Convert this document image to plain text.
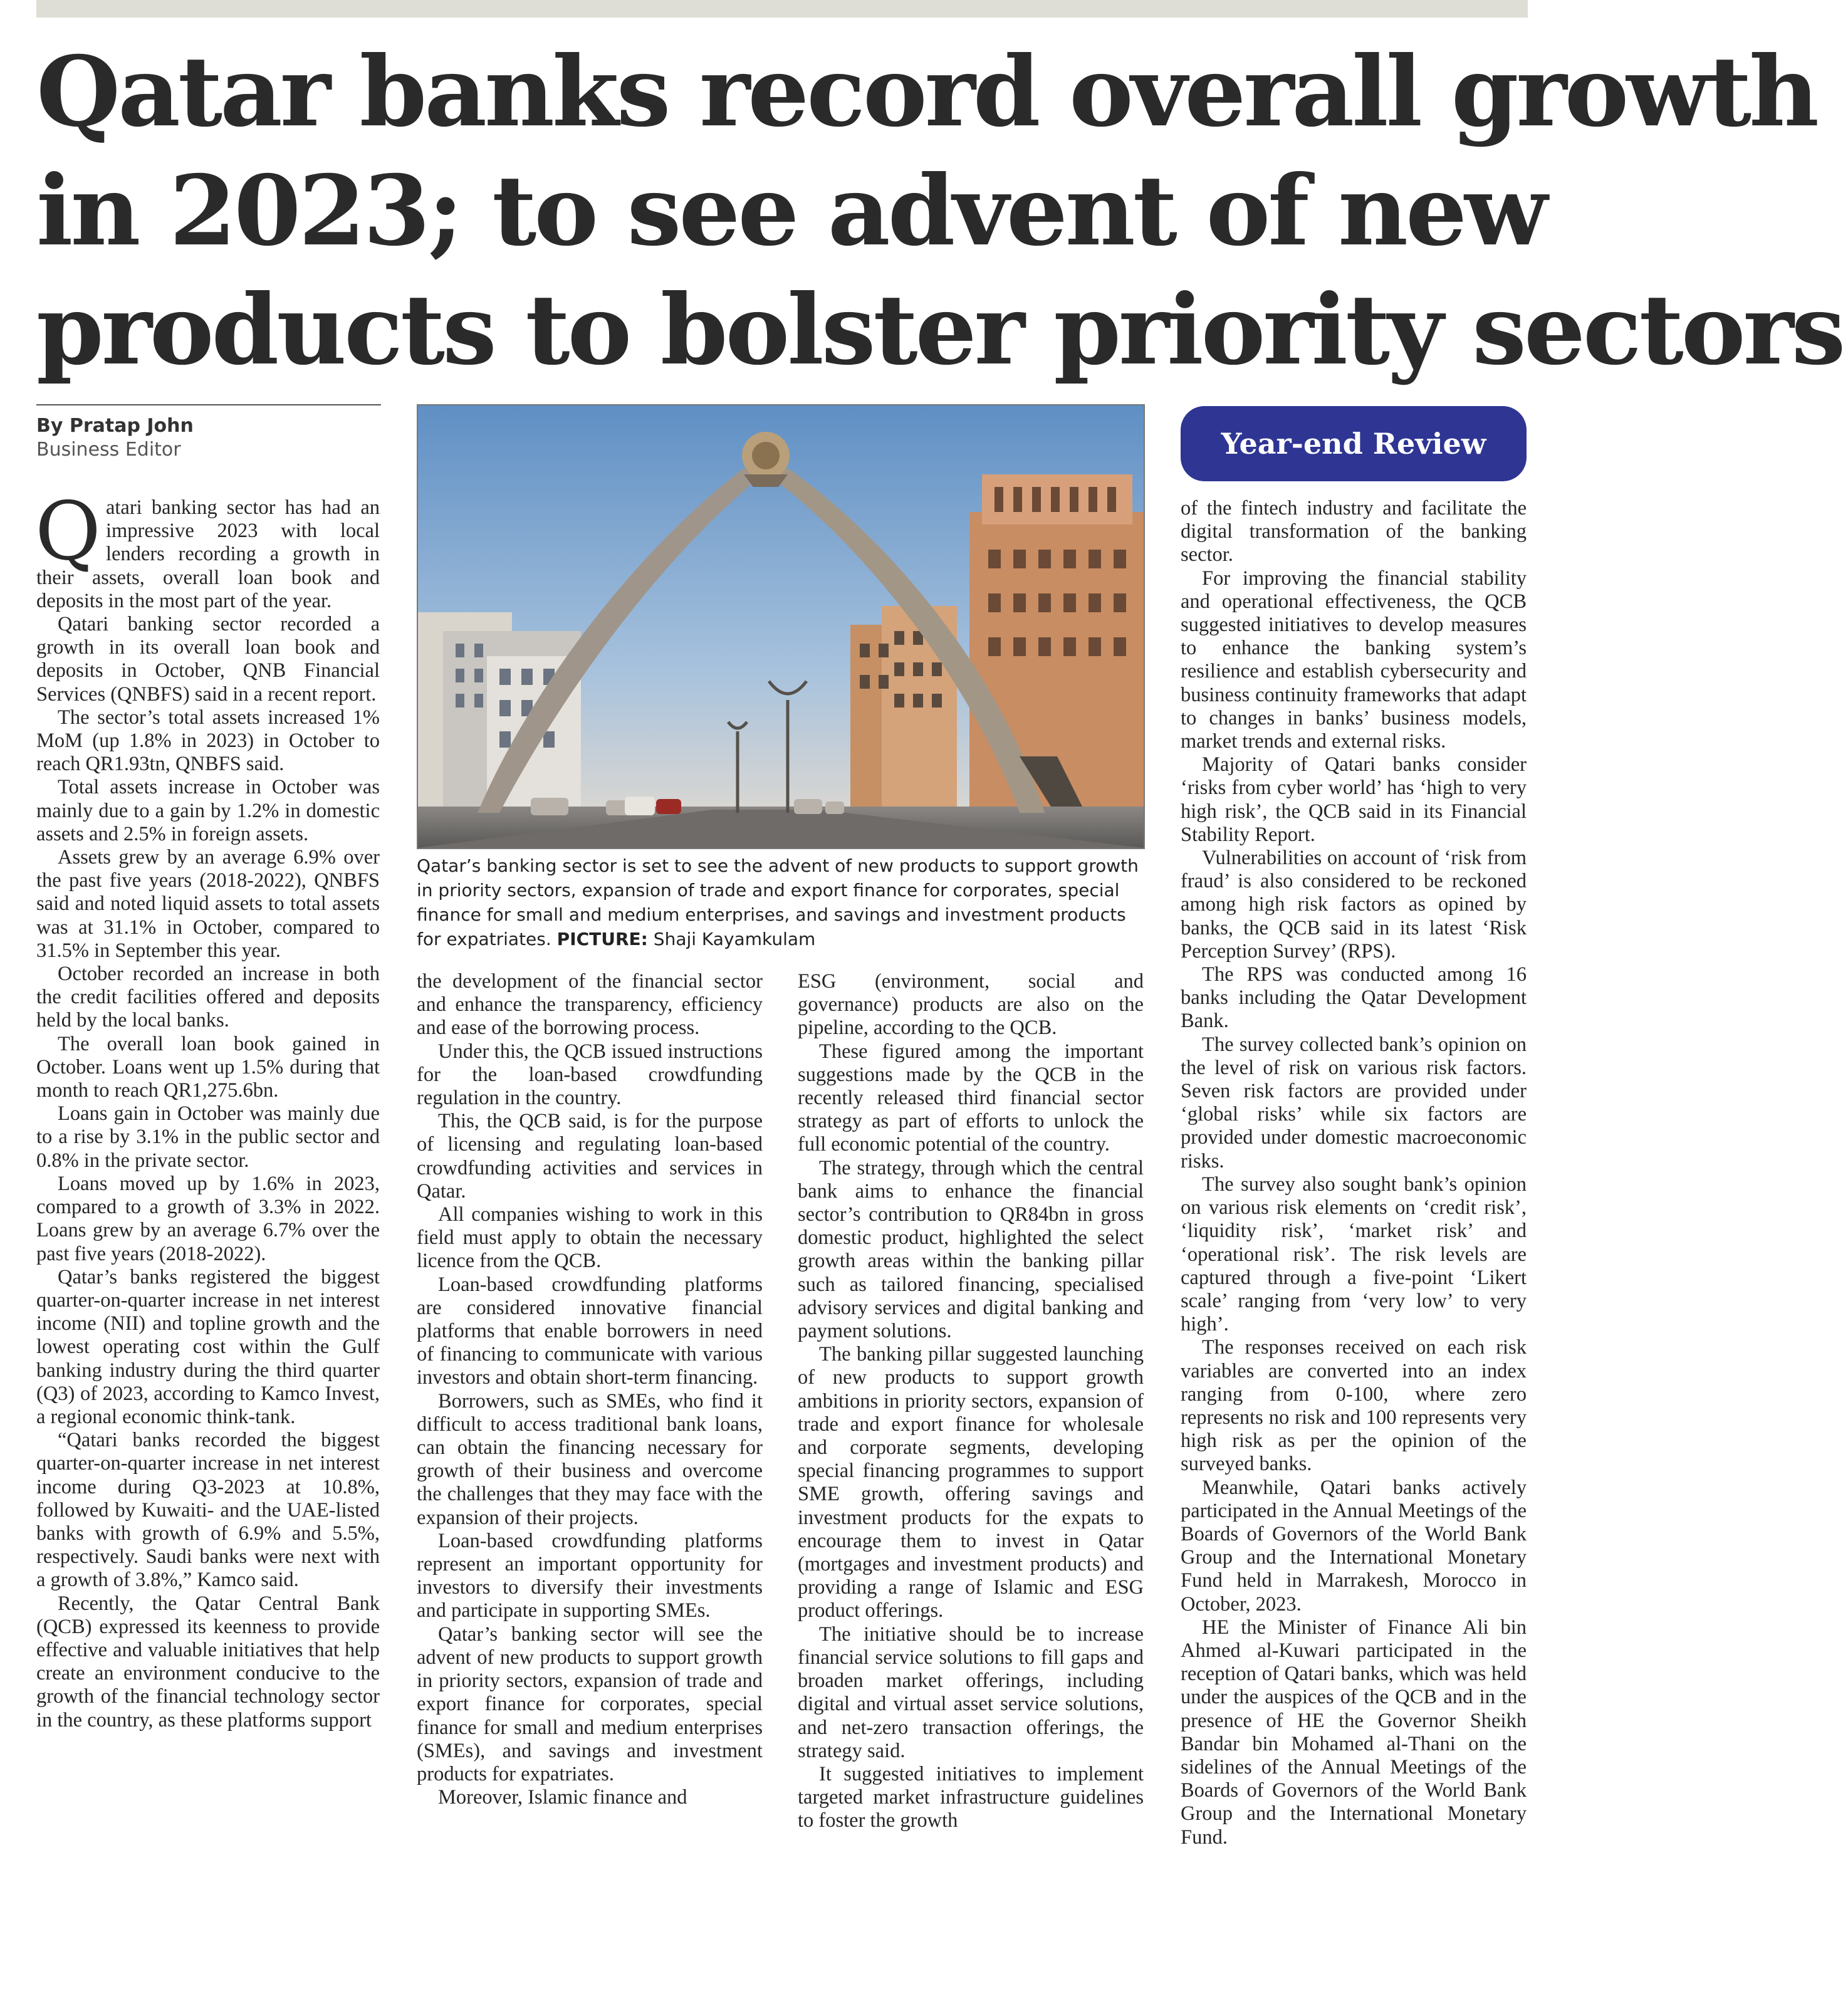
Qatar banks record overall growth
in 2023; to see advent of new
products to bolster priority sectors
By Pratap John
Business Editor

Qatar’s banking sector is set to see the advent of new products to support growth in priority sectors, expansion of trade and export finance for corporates, special finance for small and medium enterprises, and savings and investment products for expatriates. PICTURE: Shaji Kayamkulam

Year-end Review

Qatari banking sector has had an impressive 2023 with local lenders recording a growth in their assets, overall loan book and deposits in the most part of the year.

Qatari banking sector recorded a growth in its overall loan book and deposits in October, QNB Financial Services (QNBFS) said in a recent report.

The sector’s total assets increased 1% MoM (up 1.8% in 2023) in October to reach QR1.93tn, QNBFS said.

Total assets increase in October was mainly due to a gain by 1.2% in domestic assets and 2.5% in foreign assets.

Assets grew by an average 6.9% over the past five years (2018-2022), QNBFS said and noted liquid assets to total assets was at 31.1% in October, compared to 31.5% in September this year.

October recorded an increase in both the credit facilities offered and deposits held by the local banks.

The overall loan book gained in October. Loans went up 1.5% during that month to reach QR1,275.6bn.

Loans gain in October was mainly due to a rise by 3.1% in the public sector and 0.8% in the private sector.

Loans moved up by 1.6% in 2023, compared to a growth of 3.3% in 2022. Loans grew by an average 6.7% over the past five years (2018-2022).

Qatar’s banks registered the biggest quarter-on-quarter increase in net interest income (NII) and topline growth and the lowest operating cost within the Gulf banking industry during the third quarter (Q3) of 2023, according to Kamco Invest, a regional economic think-tank.

“Qatari banks recorded the biggest quarter-on-quarter increase in net interest income during Q3-2023 at 10.8%, followed by Kuwaiti- and the UAE-listed banks with growth of 6.9% and 5.5%, respectively. Saudi banks were next with a growth of 3.8%,” Kamco said.

Recently, the Qatar Central Bank (QCB) expressed its keenness to provide effective and valuable initiatives that help create an environment conducive to the growth of the financial technology sector in the country, as these platforms support

the development of the financial sector and enhance the transparency, efficiency and ease of the borrowing process.

Under this, the QCB issued instructions for the loan-based crowdfunding regulation in the country.

This, the QCB said, is for the purpose of licensing and regulating loan-based crowdfunding activities and services in Qatar.

All companies wishing to work in this field must apply to obtain the necessary licence from the QCB.

Loan-based crowdfunding platforms are considered innovative financial platforms that enable borrowers in need of financing to communicate with various investors and obtain short-term financing.

Borrowers, such as SMEs, who find it difficult to access traditional bank loans, can obtain the financing necessary for growth of their business and overcome the challenges that they may face with the expansion of their projects.

Loan-based crowdfunding platforms represent an important opportunity for investors to diversify their investments and participate in supporting SMEs.

Qatar’s banking sector will see the advent of new products to support growth in priority sectors, expansion of trade and export finance for corporates, special finance for small and medium enterprises (SMEs), and savings and investment products for expatriates.

Moreover, Islamic finance and

ESG (environment, social and governance) products are also on the pipeline, according to the QCB.

These figured among the important suggestions made by the QCB in the recently released third financial sector strategy as part of efforts to unlock the full economic potential of the country.

The strategy, through which the central bank aims to enhance the financial sector’s contribution to QR84bn in gross domestic product, highlighted the select growth areas within the banking pillar such as tailored financing, specialised advisory services and digital banking and payment solutions.

The banking pillar suggested launching of new products to support growth ambitions in priority sectors, expansion of trade and export finance for wholesale and corporate segments, developing special financing programmes to support SME growth, offering savings and investment products for the expats to encourage them to invest in Qatar (mortgages and investment products) and providing a range of Islamic and ESG product offerings.

The initiative should be to increase financial service solutions to fill gaps and broaden market offerings, including digital and virtual asset service solutions, and net-zero transaction offerings, the strategy said.

It suggested initiatives to implement targeted market infrastructure guidelines to foster the growth

of the fintech industry and facilitate the digital transformation of the banking sector.

For improving the financial stability and operational effectiveness, the QCB suggested initiatives to develop measures to enhance the banking system’s resilience and establish cybersecurity and business continuity frameworks that adapt to changes in banks’ business models, market trends and external risks.

Majority of Qatari banks consider ‘risks from cyber world’ has ‘high to very high risk’, the QCB said in its Financial Stability Report.

Vulnerabilities on account of ‘risk from fraud’ is also considered to be reckoned among high risk factors as opined by banks, the QCB said in its latest ‘Risk Perception Survey’ (RPS).

The RPS was conducted among 16 banks including the Qatar Development Bank.

The survey collected bank’s opinion on the level of risk on various risk factors. Seven risk factors are provided under ‘global risks’ while six factors are provided under domestic macroeconomic risks.

The survey also sought bank’s opinion on various risk elements on ‘credit risk’, ‘liquidity risk’, ‘market risk’ and ‘operational risk’. The risk levels are captured through a five-point ‘Likert scale’ ranging from ‘very low’ to very high’.

The responses received on each risk variables are converted into an index ranging from 0-100, where zero represents no risk and 100 represents very high risk as per the opinion of the surveyed banks.

Meanwhile, Qatari banks actively participated in the Annual Meetings of the Boards of Governors of the World Bank Group and the International Monetary Fund held in Marrakesh, Morocco in October, 2023.

HE the Minister of Finance Ali bin Ahmed al-Kuwari participated in the reception of Qatari banks, which was held under the auspices of the QCB and in the presence of HE the Governor Sheikh Bandar bin Mohamed al-Thani on the sidelines of the Annual Meetings of the Boards of Governors of the World Bank Group and the International Monetary Fund.
